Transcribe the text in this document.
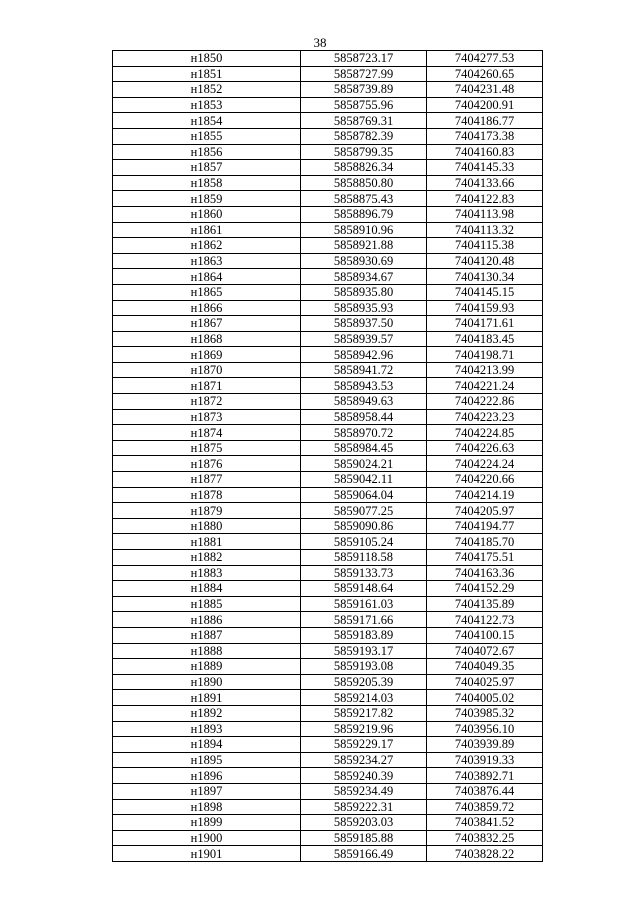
38
н1850	5858723.17	7404277.53
н1851	5858727.99	7404260.65
н1852	5858739.89	7404231.48
н1853	5858755.96	7404200.91
н1854	5858769.31	7404186.77
н1855	5858782.39	7404173.38
н1856	5858799.35	7404160.83
н1857	5858826.34	7404145.33
н1858	5858850.80	7404133.66
н1859	5858875.43	7404122.83
н1860	5858896.79	7404113.98
н1861	5858910.96	7404113.32
н1862	5858921.88	7404115.38
н1863	5858930.69	7404120.48
н1864	5858934.67	7404130.34
н1865	5858935.80	7404145.15
н1866	5858935.93	7404159.93
н1867	5858937.50	7404171.61
н1868	5858939.57	7404183.45
н1869	5858942.96	7404198.71
н1870	5858941.72	7404213.99
н1871	5858943.53	7404221.24
н1872	5858949.63	7404222.86
н1873	5858958.44	7404223.23
н1874	5858970.72	7404224.85
н1875	5858984.45	7404226.63
н1876	5859024.21	7404224.24
н1877	5859042.11	7404220.66
н1878	5859064.04	7404214.19
н1879	5859077.25	7404205.97
н1880	5859090.86	7404194.77
н1881	5859105.24	7404185.70
н1882	5859118.58	7404175.51
н1883	5859133.73	7404163.36
н1884	5859148.64	7404152.29
н1885	5859161.03	7404135.89
н1886	5859171.66	7404122.73
н1887	5859183.89	7404100.15
н1888	5859193.17	7404072.67
н1889	5859193.08	7404049.35
н1890	5859205.39	7404025.97
н1891	5859214.03	7404005.02
н1892	5859217.82	7403985.32
н1893	5859219.96	7403956.10
н1894	5859229.17	7403939.89
н1895	5859234.27	7403919.33
н1896	5859240.39	7403892.71
н1897	5859234.49	7403876.44
н1898	5859222.31	7403859.72
н1899	5859203.03	7403841.52
н1900	5859185.88	7403832.25
н1901	5859166.49	7403828.22
